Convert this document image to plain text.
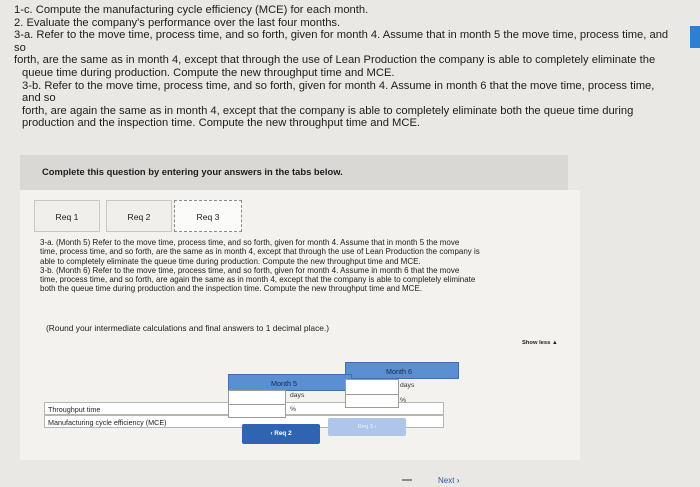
1-c. Compute the manufacturing cycle efficiency (MCE) for each month.

2. Evaluate the company's performance over the last four months.

3-a. Refer to the move time, process time, and so forth, given for month 4. Assume that in month 5 the move time, process time, and so

forth, are the same as in month 4, except that through the use of Lean Production the company is able to completely eliminate the

queue time during production. Compute the new throughput time and MCE.

3-b. Refer to the move time, process time, and so forth, given for month 4. Assume in month 6 that the move time, process time, and so

forth, are again the same as in month 4, except that the company is able to completely eliminate both the queue time during

production and the inspection time. Compute the new throughput time and MCE.

Complete this question by entering your answers in the tabs below.
Req 1	Req 2	Req 3

3-a. (Month 5) Refer to the move time, process time, and so forth, given for month 4. Assume that in month 5 the move

time, process time, and so forth, are the same as in month 4, except that through the use of Lean Production the company is

able to completely eliminate the queue time during production. Compute the new throughput time and MCE.

3-b. (Month 6) Refer to the move time, process time, and so forth, given for month 4. Assume in month 6 that the move

time, process time, and so forth, are again the same as in month 4, except that the company is able to completely eliminate

both the queue time during production and the inspection time. Compute the new throughput time and MCE.

(Round your intermediate calculations and final answers to 1 decimal place.)
Show less ▲
Month 6
Month 5
Throughput time
Manufacturing cycle efficiency (MCE)
days
%
days
%
‹ Req 2
Req 3 ›
Next ›
